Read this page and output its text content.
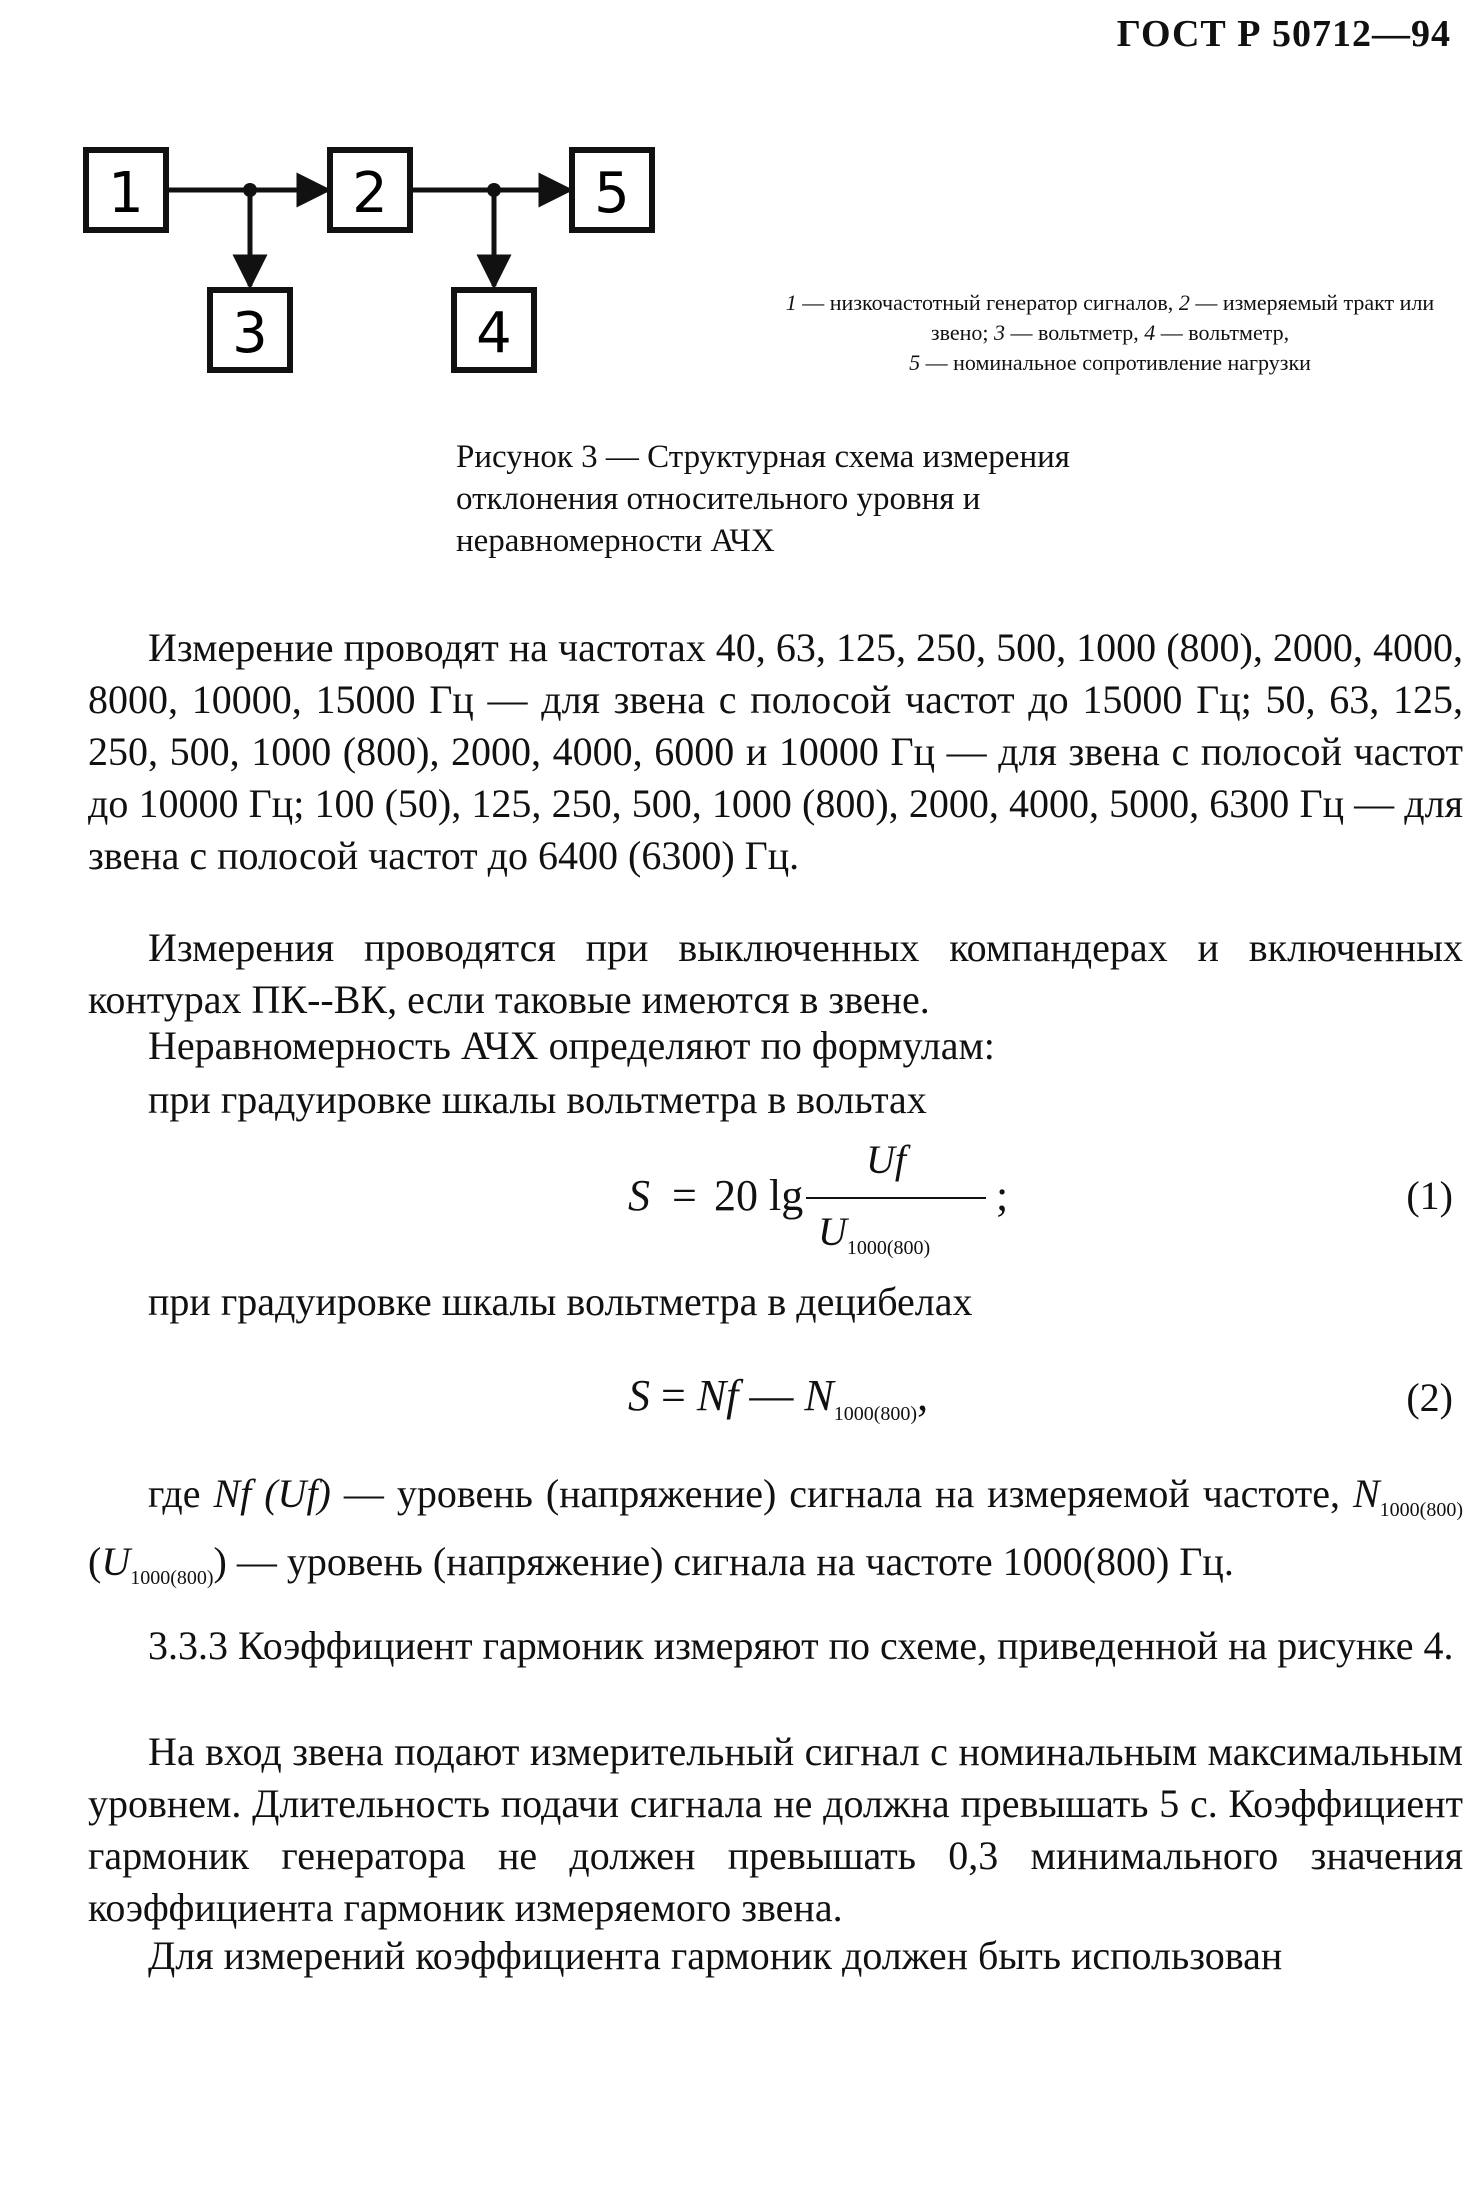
ГОСТ Р 50712—94
1	2	5
3	4	1 — низкочастотный генератор сигналов, 2 — измеряемый тракт или звено; 3 — вольтметр, 4 — вольтметр,
5 — номинальное сопротивление нагрузки
Рисунок 3 — Структурная схема измерения отклонения относительного уровня и неравномерности АЧХ
Измерение проводят на частотах 40, 63, 125, 250, 500, 1000 (800), 2000, 4000, 8000, 10000, 15000 Гц — для звена с полосой частот до 15000 Гц; 50, 63, 125, 250, 500, 1000 (800), 2000, 4000, 6000 и 10000 Гц — для звена с полосой частот до 10000 Гц; 100 (50), 125, 250, 500, 1000 (800), 2000, 4000, 5000, 6300 Гц — для звена с полосой частот до 6400 (6300) Гц.
Измерения проводятся при выключенных компандерах и включенных контурах ПК--ВК, если таковые имеются в звене.
Неравномерность АЧХ определяют по формулам:
при градуировке шкалы вольтметра в вольтах
S = 20 lg
Uf
$U_{1000(800)}$
;	(1)
при градуировке шкалы вольтметра в децибелах
S = Nf — $N_{1000(800)}$,	(2)
где Nf (Uf) — уровень (напряжение) сигнала на измеряемой частоте, $N_{1000(800)}$ $(U_{1000(800)})$ — уровень (напряжение) сигнала на частоте 1000(800) Гц.
3.3.3 Коэффициент гармоник измеряют по схеме, приведенной на рисунке 4.
На вход звена подают измерительный сигнал с номинальным максимальным уровнем. Длительность подачи сигнала не должна превышать 5 с. Коэффициент гармоник генератора не должен превышать 0,3 минимального значения коэффициента гармоник измеряемого звена.
Для измерений коэффициента гармоник должен быть использован
